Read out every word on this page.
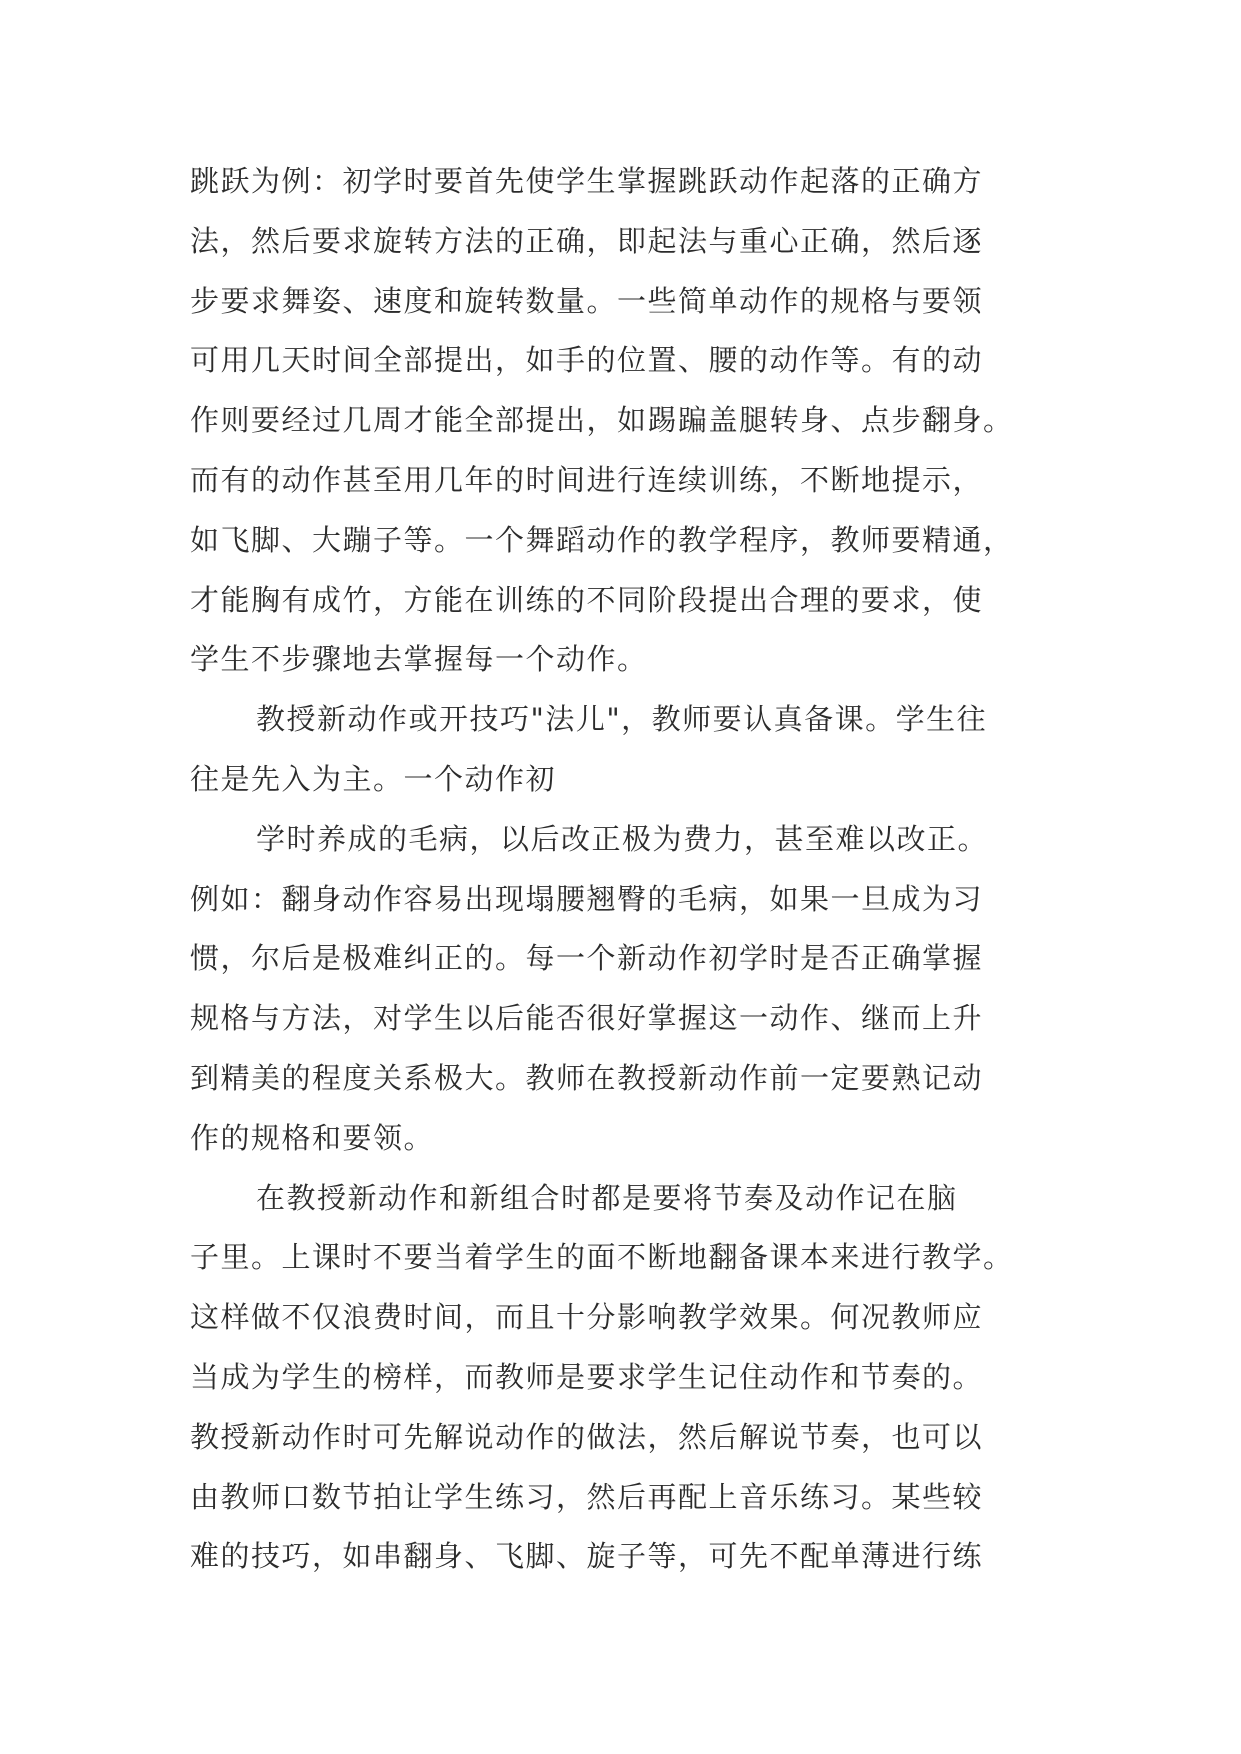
跳跃为例：初学时要首先使学生掌握跳跃动作起落的正确方
法，然后要求旋转方法的正确，即起法与重心正确，然后逐
步要求舞姿、速度和旋转数量。一些简单动作的规格与要领
可用几天时间全部提出，如手的位置、腰的动作等。有的动
作则要经过几周才能全部提出，如踢蹁盖腿转身、点步翻身。
而有的动作甚至用几年的时间进行连续训练，不断地提示，
如飞脚、大蹦子等。一个舞蹈动作的教学程序，教师要精通，
才能胸有成竹，方能在训练的不同阶段提出合理的要求，使
学生不步骤地去掌握每一个动作。
教授新动作或开技巧"法儿"，教师要认真备课。学生往
往是先入为主。一个动作初
学时养成的毛病，以后改正极为费力，甚至难以改正。
例如：翻身动作容易出现塌腰翘臀的毛病，如果一旦成为习
惯，尔后是极难纠正的。每一个新动作初学时是否正确掌握
规格与方法，对学生以后能否很好掌握这一动作、继而上升
到精美的程度关系极大。教师在教授新动作前一定要熟记动
作的规格和要领。
在教授新动作和新组合时都是要将节奏及动作记在脑
子里。上课时不要当着学生的面不断地翻备课本来进行教学。
这样做不仅浪费时间，而且十分影响教学效果。何况教师应
当成为学生的榜样，而教师是要求学生记住动作和节奏的。
教授新动作时可先解说动作的做法，然后解说节奏，也可以
由教师口数节拍让学生练习，然后再配上音乐练习。某些较
难的技巧，如串翻身、飞脚、旋子等，可先不配单薄进行练
